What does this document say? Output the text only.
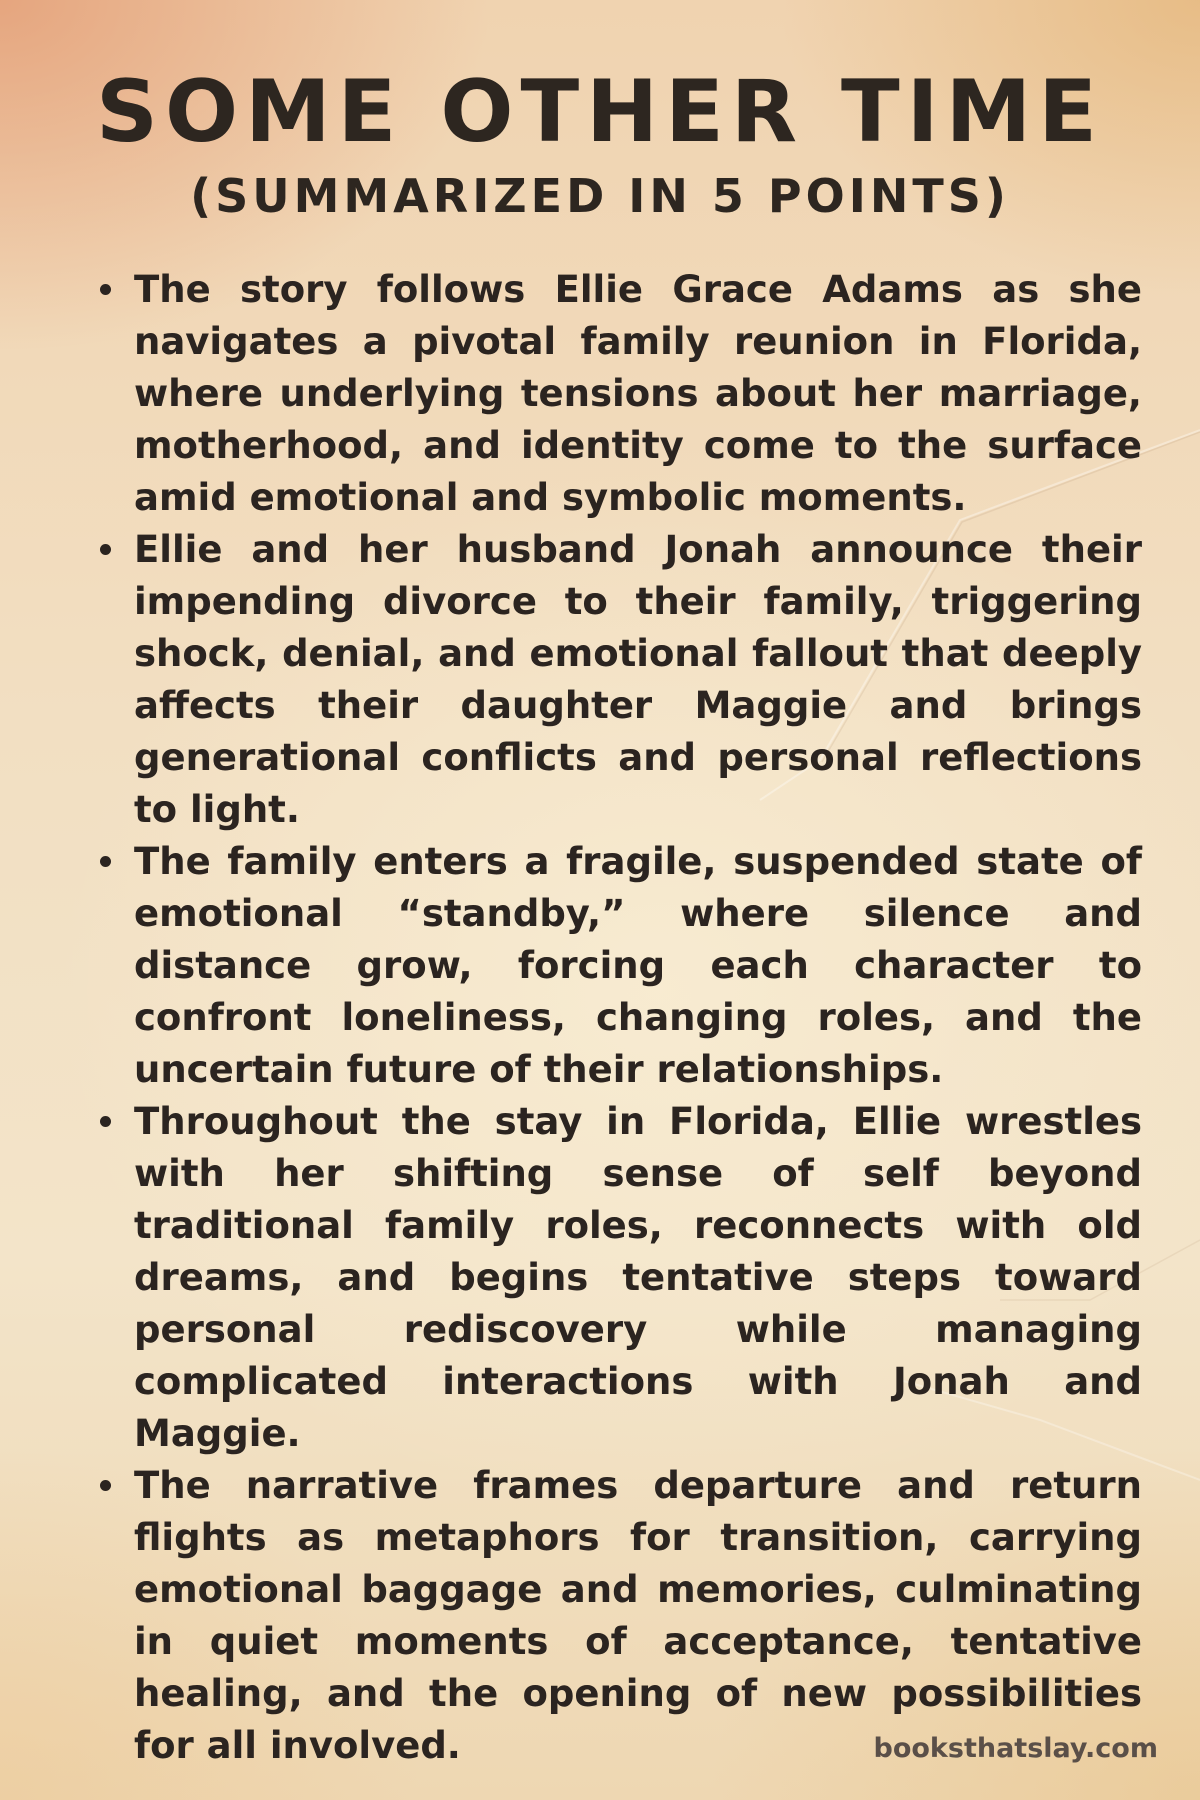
SOME OTHER TIME
(SUMMARIZED IN 5 POINTS)
The story follows Ellie Grace Adams as she navigates a pivotal family reunion in Florida, where underlying tensions about her marriage, motherhood, and identity come to the surface amid emotional and symbolic moments.
Ellie and her husband Jonah announce their impending divorce to their family, triggering shock, denial, and emotional fallout that deeply affects their daughter Maggie and brings generational conflicts and personal reflections to light.
The family enters a fragile, suspended state of emotional “standby,” where silence and distance grow, forcing each character to confront loneliness, changing roles, and the uncertain future of their relationships.
Throughout the stay in Florida, Ellie wrestles with her shifting sense of self beyond traditional family roles, reconnects with old dreams, and begins tentative steps toward personal rediscovery while managing complicated interactions with Jonah and Maggie.
The narrative frames departure and return flights as metaphors for transition, carrying emotional baggage and memories, culminating in quiet moments of acceptance, tentative healing, and the opening of new possibilities for all involved.	booksthatslay.com
